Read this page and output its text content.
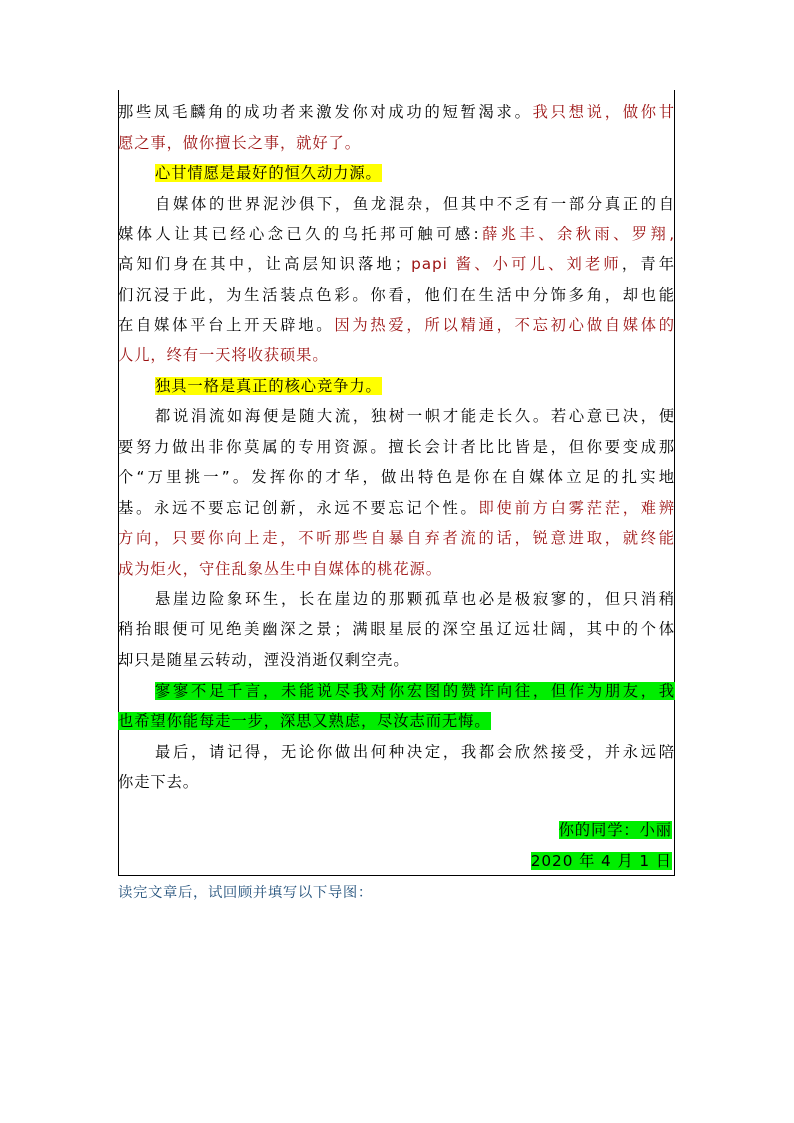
那些凤毛麟角的成功者来激发你对成功的短暂渴求。我只想说，做你甘

愿之事，做你擅长之事，就好了。

心甘情愿是最好的恒久动力源。

自媒体的世界泥沙俱下，鱼龙混杂，但其中不乏有一部分真正的自

媒体人让其已经心念已久的乌托邦可触可感:薛兆丰、余秋雨、罗翔,

高知们身在其中，让高层知识落地；papi 酱、小可儿、刘老师，青年

们沉浸于此，为生活装点色彩。你看，他们在生活中分饰多角，却也能

在自媒体平台上开天辟地。因为热爱，所以精通，不忘初心做自媒体的

人儿，终有一天将收获硕果。

独具一格是真正的核心竞争力。

都说涓流如海便是随大流，独树一帜才能走长久。若心意已决，便

要努力做出非你莫属的专用资源。擅长会计者比比皆是，但你要变成那

个“万里挑一”。发挥你的才华，做出特色是你在自媒体立足的扎实地

基。永远不要忘记创新，永远不要忘记个性。即使前方白雾茫茫，难辨

方向，只要你向上走，不听那些自暴自弃者流的话，锐意进取，就终能

成为炬火，守住乱象丛生中自媒体的桃花源。

悬崖边险象环生，长在崖边的那颗孤草也必是极寂寥的，但只消稍

稍抬眼便可见绝美幽深之景；满眼星辰的深空虽辽远壮阔，其中的个体

却只是随星云转动，湮没消逝仅剩空壳。

寥寥不足千言，未能说尽我对你宏图的赞许向往，但作为朋友，我

也希望你能每走一步，深思又熟虑，尽汝志而无悔。

最后，请记得，无论你做出何种决定，我都会欣然接受，并永远陪

你走下去。

你的同学：小丽

2020 年 4 月 1 日

读完文章后，试回顾并填写以下导图：
